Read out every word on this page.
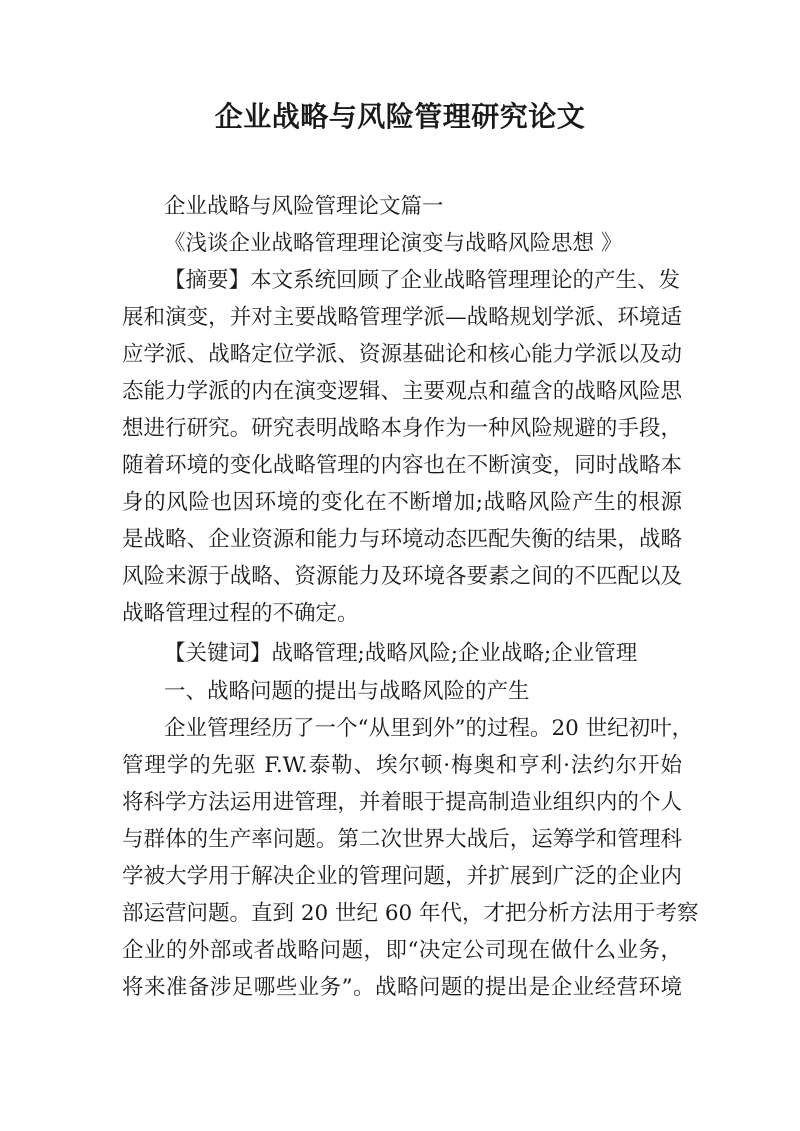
企业战略与风险管理研究论文
企业战略与风险管理论文篇一
《浅谈企业战略管理理论演变与战略风险思想 》
【摘要】本文系统回顾了企业战略管理理论的产生、发
展和演变，并对主要战略管理学派—战略规划学派、环境适
应学派、战略定位学派、资源基础论和核心能力学派以及动
态能力学派的内在演变逻辑、主要观点和蕴含的战略风险思
想进行研究。研究表明战略本身作为一种风险规避的手段，
随着环境的变化战略管理的内容也在不断演变，同时战略本
身的风险也因环境的变化在不断增加;战略风险产生的根源
是战略、企业资源和能力与环境动态匹配失衡的结果，战略
风险来源于战略、资源能力及环境各要素之间的不匹配以及
战略管理过程的不确定。
【关键词】战略管理;战略风险;企业战略;企业管理
一、战略问题的提出与战略风险的产生
企业管理经历了一个“从里到外”的过程。20 世纪初叶，
管理学的先驱 F.W.泰勒、埃尔顿·梅奥和亨利·法约尔开始
将科学方法运用进管理，并着眼于提高制造业组织内的个人
与群体的生产率问题。第二次世界大战后，运筹学和管理科
学被大学用于解决企业的管理问题，并扩展到广泛的企业内
部运营问题。直到 20 世纪 60 年代，才把分析方法用于考察
企业的外部或者战略问题，即“决定公司现在做什么业务，
将来准备涉足哪些业务”。战略问题的提出是企业经营环境
